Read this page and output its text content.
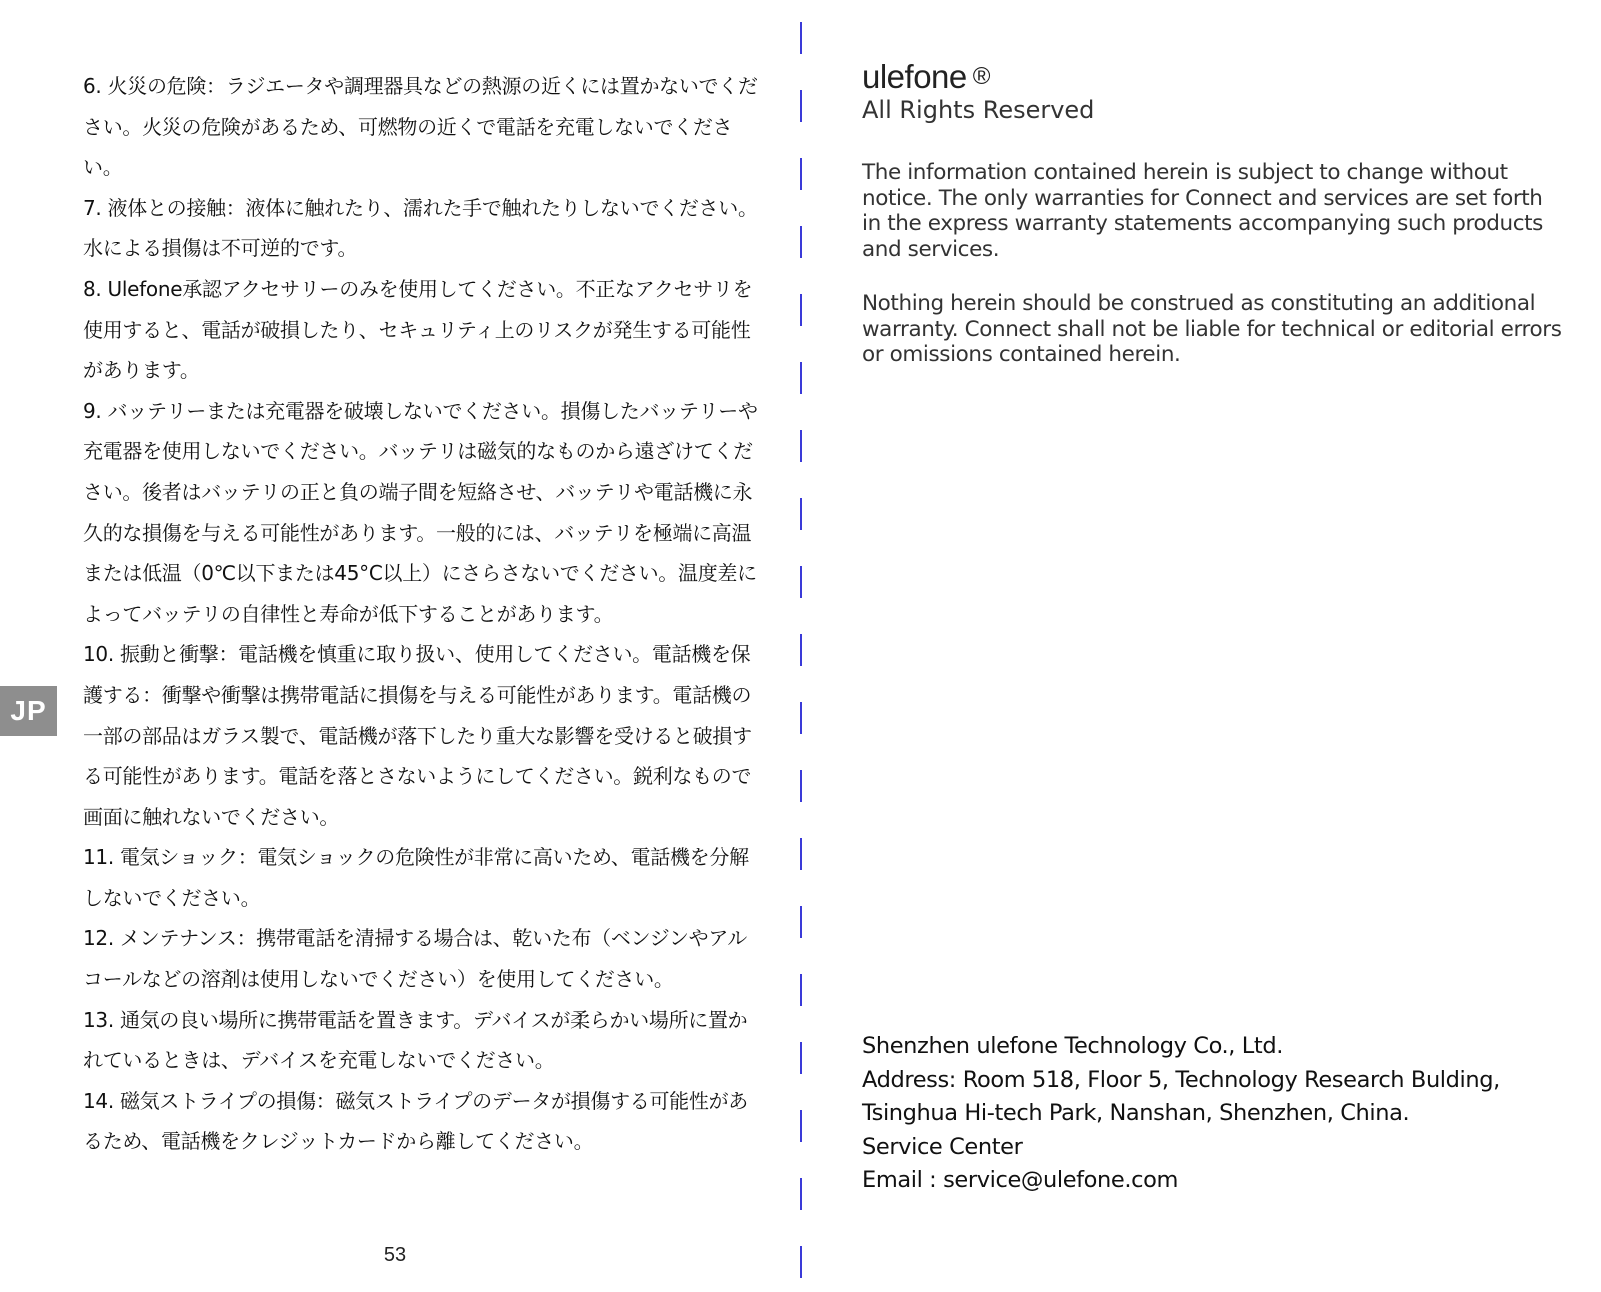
JP
6. 火災の危険：ラジエータや調理器具などの熱源の近くには置かないでください。火災の危険があるため、可燃物の近くで電話を充電しないでください。
7. 液体との接触：液体に触れたり、濡れた手で触れたりしないでください。水による損傷は不可逆的です。
8. Ulefone承認アクセサリーのみを使用してください。不正なアクセサリを使用すると、電話が破損したり、セキュリティ上のリスクが発生する可能性があります。
9. バッテリーまたは充電器を破壊しないでください。損傷したバッテリーや充電器を使用しないでください。バッテリは磁気的なものから遠ざけてください。後者はバッテリの正と負の端子間を短絡させ、バッテリや電話機に永久的な損傷を与える可能性があります。一般的には、バッテリを極端に高温または低温（0℃以下または45°C以上）にさらさないでください。温度差によってバッテリの自律性と寿命が低下することがあります。
10. 振動と衝撃：電話機を慎重に取り扱い、使用してください。電話機を保護する：衝撃や衝撃は携帯電話に損傷を与える可能性があります。電話機の一部の部品はガラス製で、電話機が落下したり重大な影響を受けると破損する可能性があります。電話を落とさないようにしてください。鋭利なもので画面に触れないでください。
11. 電気ショック：電気ショックの危険性が非常に高いため、電話機を分解しないでください。
12. メンテナンス：携帯電話を清掃する場合は、乾いた布（ベンジンやアルコールなどの溶剤は使用しないでください）を使用してください。
13. 通気の良い場所に携帯電話を置きます。デバイスが柔らかい場所に置かれているときは、デバイスを充電しないでください。
14. 磁気ストライプの損傷：磁気ストライプのデータが損傷する可能性があるため、電話機をクレジットカードから離してください。
53
ulefone ®
All Rights Reserved

The information contained herein is subject to change without notice. The only warranties for Connect and services are set forth in the express warranty statements accompanying such products and services.

Nothing herein should be construed as constituting an additional warranty. Connect shall not be liable for technical or editorial errors or omissions contained herein.

Shenzhen ulefone Technology Co., Ltd.
Address: Room 518, Floor 5, Technology Research Bulding,
Tsinghua Hi-tech Park, Nanshan, Shenzhen, China.
Service Center
Email : service@ulefone.com
